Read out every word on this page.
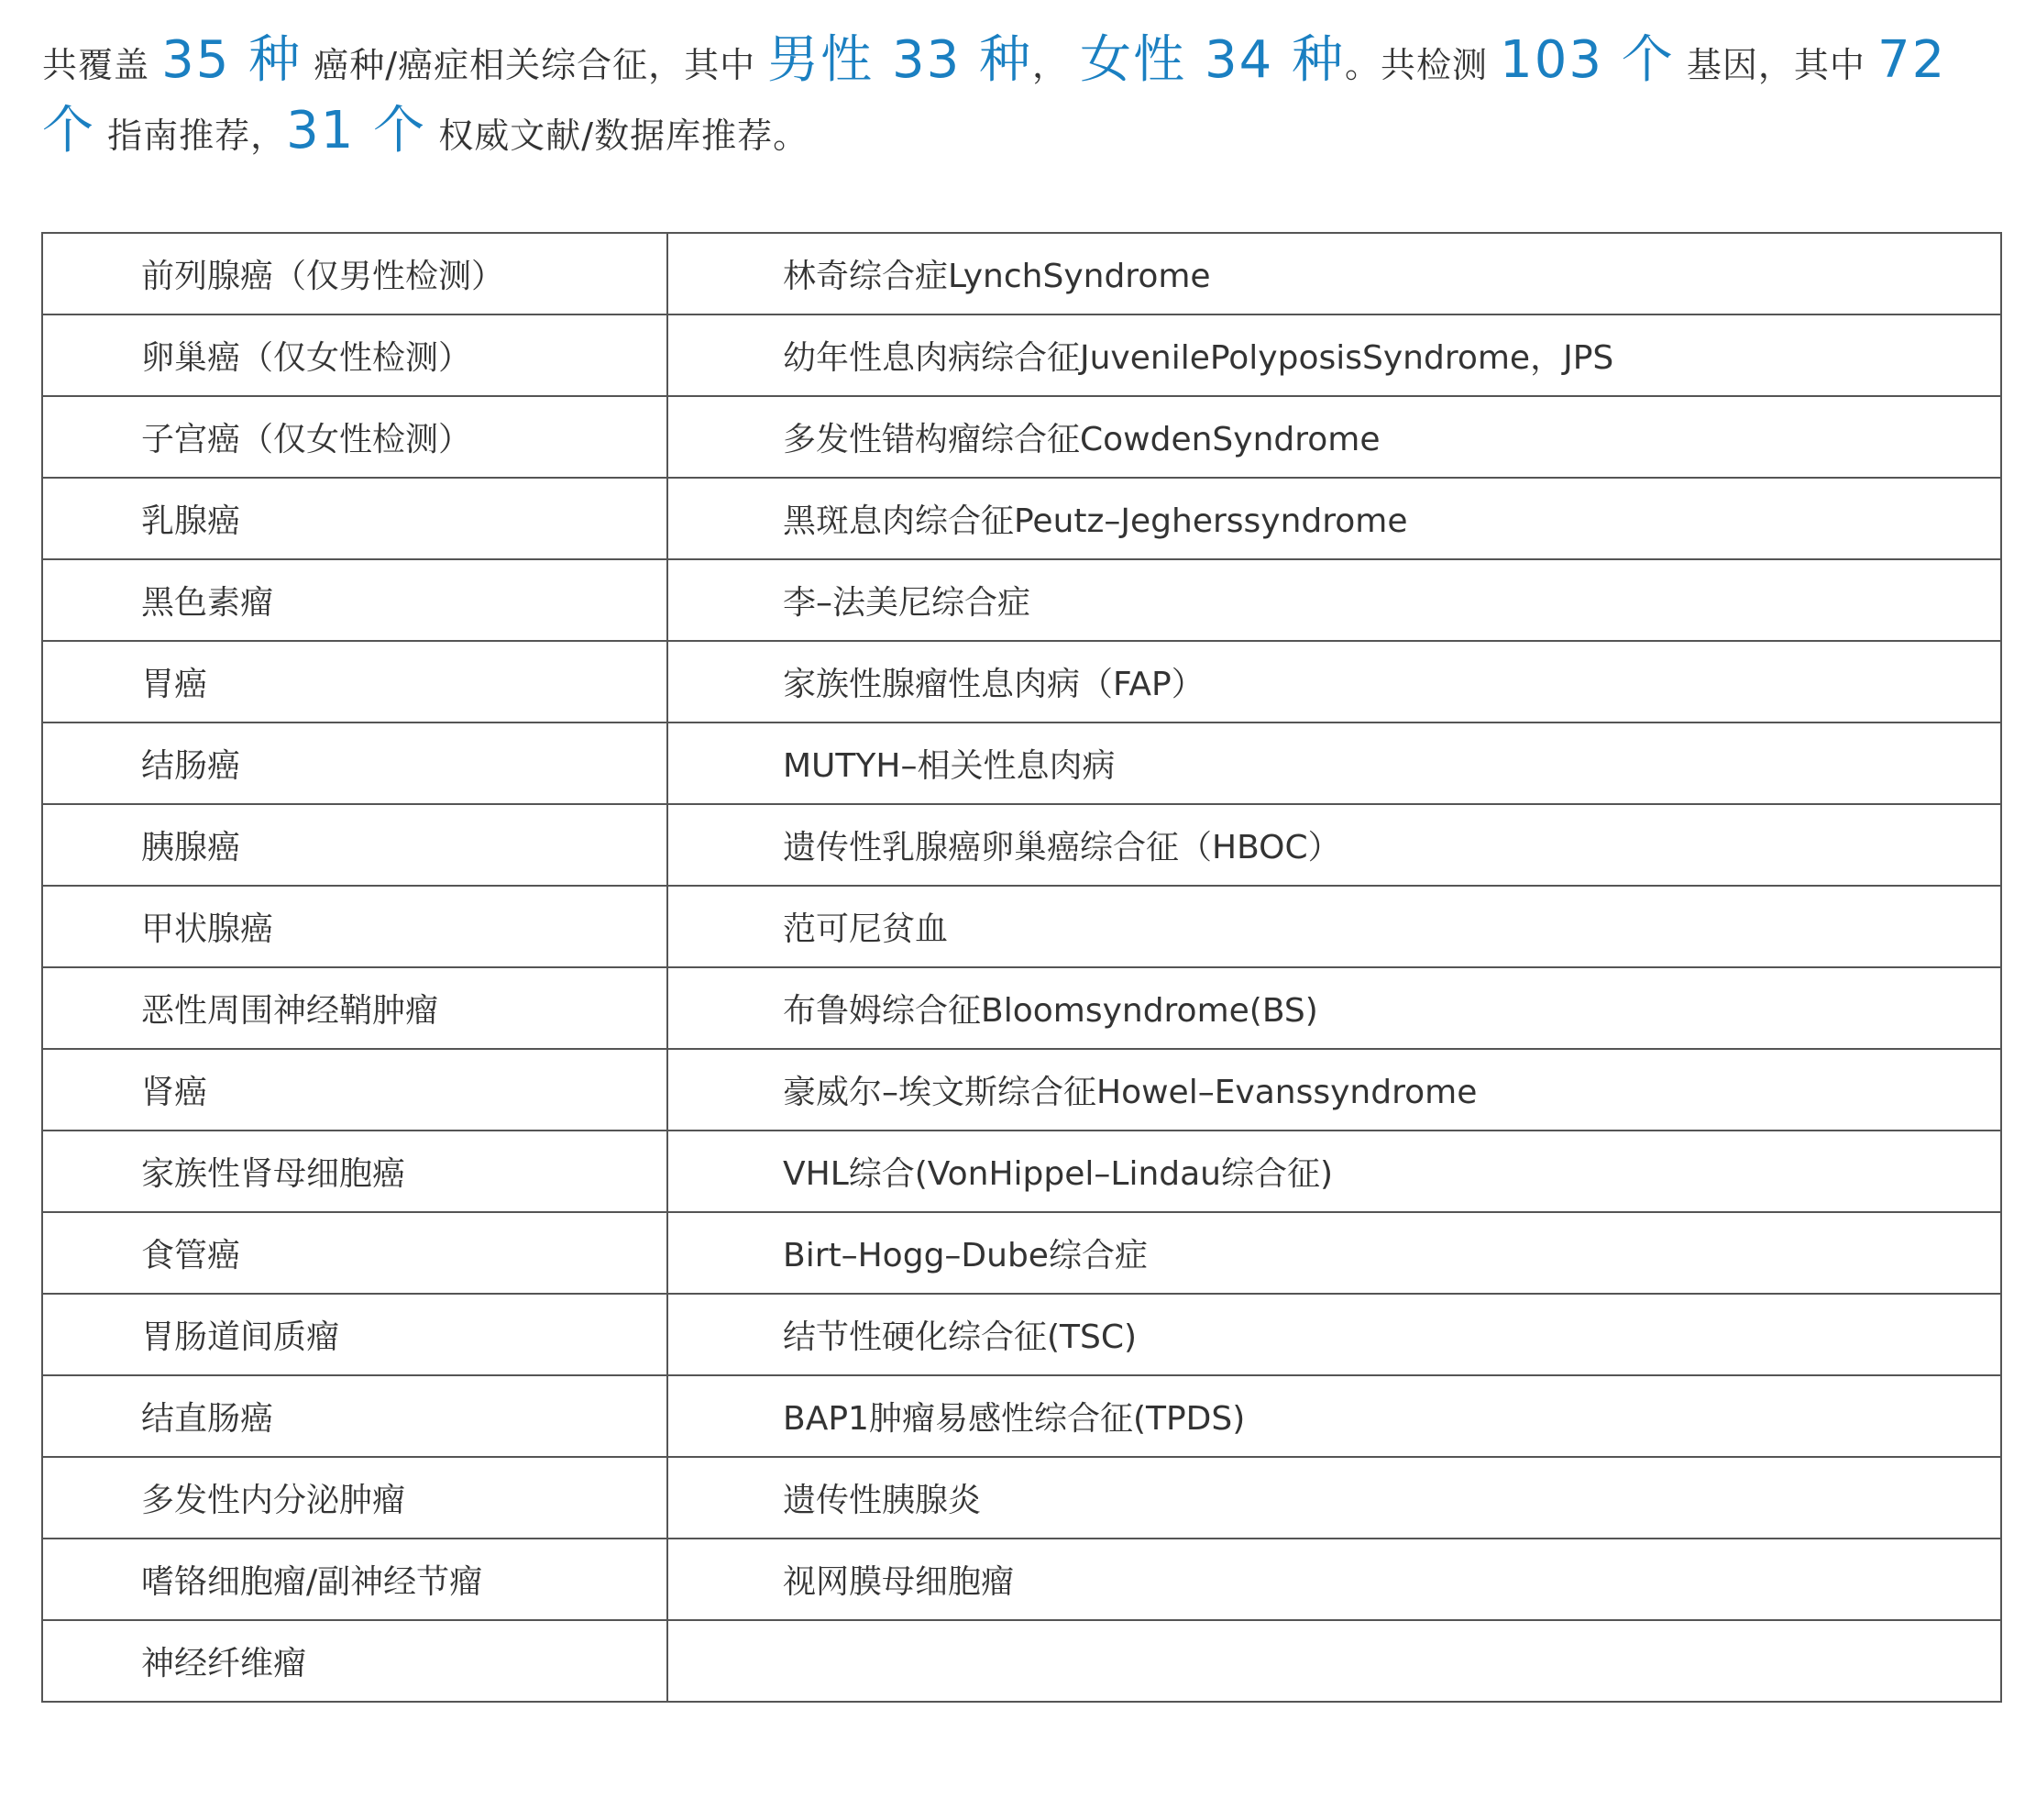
共覆盖 35 种 癌种/癌症相关综合征，其中 男性 33 种， 女性 34 种。共检测 103 个 基因，其中 72 个 指南推荐，31 个 权威文献/数据库推荐。
前列腺癌（仅男性检测）	林奇综合症LynchSyndrome
卵巢癌（仅女性检测）	幼年性息肉病综合征JuvenilePolyposisSyndrome，JPS
子宫癌（仅女性检测）	多发性错构瘤综合征CowdenSyndrome
乳腺癌	黑斑息肉综合征Peutz–Jegherssyndrome
黑色素瘤	李–法美尼综合症
胃癌	家族性腺瘤性息肉病（FAP）
结肠癌	MUTYH–相关性息肉病
胰腺癌	遗传性乳腺癌卵巢癌综合征（HBOC）
甲状腺癌	范可尼贫血
恶性周围神经鞘肿瘤	布鲁姆综合征Bloomsyndrome(BS)
肾癌	豪威尔–埃文斯综合征Howel–Evanssyndrome
家族性肾母细胞癌	VHL综合(VonHippel–Lindau综合征)
食管癌	Birt–Hogg–Dube综合症
胃肠道间质瘤	结节性硬化综合征(TSC)
结直肠癌	BAP1肿瘤易感性综合征(TPDS)
多发性内分泌肿瘤	遗传性胰腺炎
嗜铬细胞瘤/副神经节瘤	视网膜母细胞瘤
神经纤维瘤	
